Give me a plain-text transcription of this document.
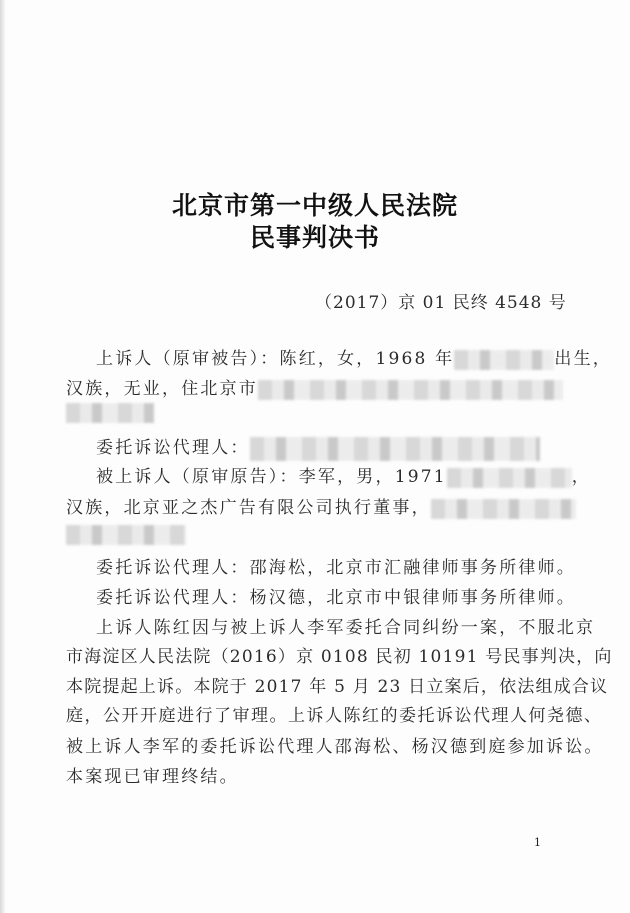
北京市第一中级人民法院
民事判决书
（2017）京 01 民终 4548 号
上诉人（原审被告）：陈红，女，1968 年	出生，
汉族，无业，住北京市
委托诉讼代理人：
被上诉人（原审原告）：李军，男，1971	，
汉族，北京亚之杰广告有限公司执行董事，
委托诉讼代理人：邵海松，北京市汇融律师事务所律师。
委托诉讼代理人：杨汉德，北京市中银律师事务所律师。
上诉人陈红因与被上诉人李军委托合同纠纷一案，不服北京
市海淀区人民法院（2016）京 0108 民初 10191 号民事判决，向
本院提起上诉。本院于 2017 年 5 月 23 日立案后，依法组成合议
庭，公开开庭进行了审理。上诉人陈红的委托诉讼代理人何尧德、
被上诉人李军的委托诉讼代理人邵海松、杨汉德到庭参加诉讼。
本案现已审理终结。
1
